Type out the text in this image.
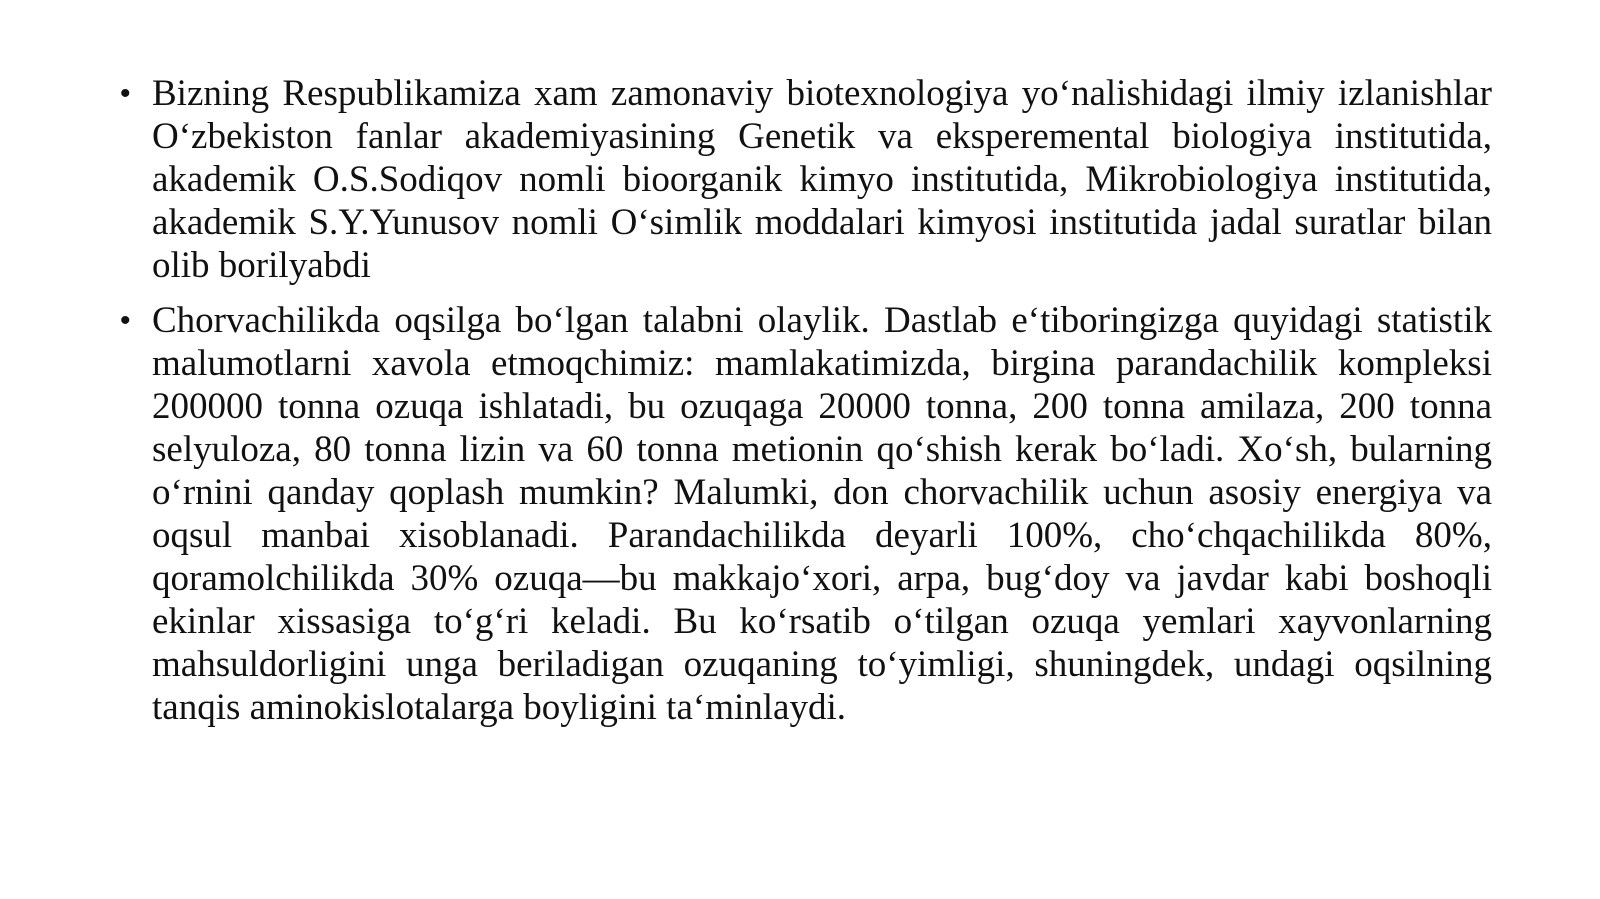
• Bizning Respublikamiza xam zamonaviy biotexnologiya yo‘nalishidagi ilmiy izlanishlar O‘zbekiston fanlar akademiyasining Genetik va eksperemental biologiya institutida, akademik O.S.Sodiqov nomli bioorganik kimyo institutida, Mikrobiologiya institutida, akademik S.Y.Yunusov nomli O‘simlik moddalari kimyosi institutida jadal suratlar bilan olib borilyabdi
• Chorvachilikda oqsilga bo‘lgan talabni olaylik. Dastlab e‘tiboringizga quyidagi statistik malumotlarni xavola etmoqchimiz: mamlakatimizda, birgina parandachilik kompleksi 200000 tonna ozuqa ishlatadi, bu ozuqaga 20000 tonna, 200 tonna amilaza, 200 tonna selyuloza, 80 tonna lizin va 60 tonna metionin qo‘shish kerak bo‘ladi. Xo‘sh, bularning o‘rnini qanday qoplash mumkin? Malumki, don chorvachilik uchun asosiy energiya va oqsul manbai xisoblanadi. Parandachilikda deyarli 100%, cho‘chqachilikda 80%, qoramolchilikda 30% ozuqa—bu makkajo‘xori, arpa, bug‘doy va javdar kabi boshoqli ekinlar xissasiga to‘g‘ri keladi. Bu ko‘rsatib o‘tilgan ozuqa yemlari xayvonlarning mahsuldorligini unga beriladigan ozuqaning to‘yimligi, shuningdek, undagi oqsilning tanqis aminokislotalarga boyligini ta‘minlaydi.
